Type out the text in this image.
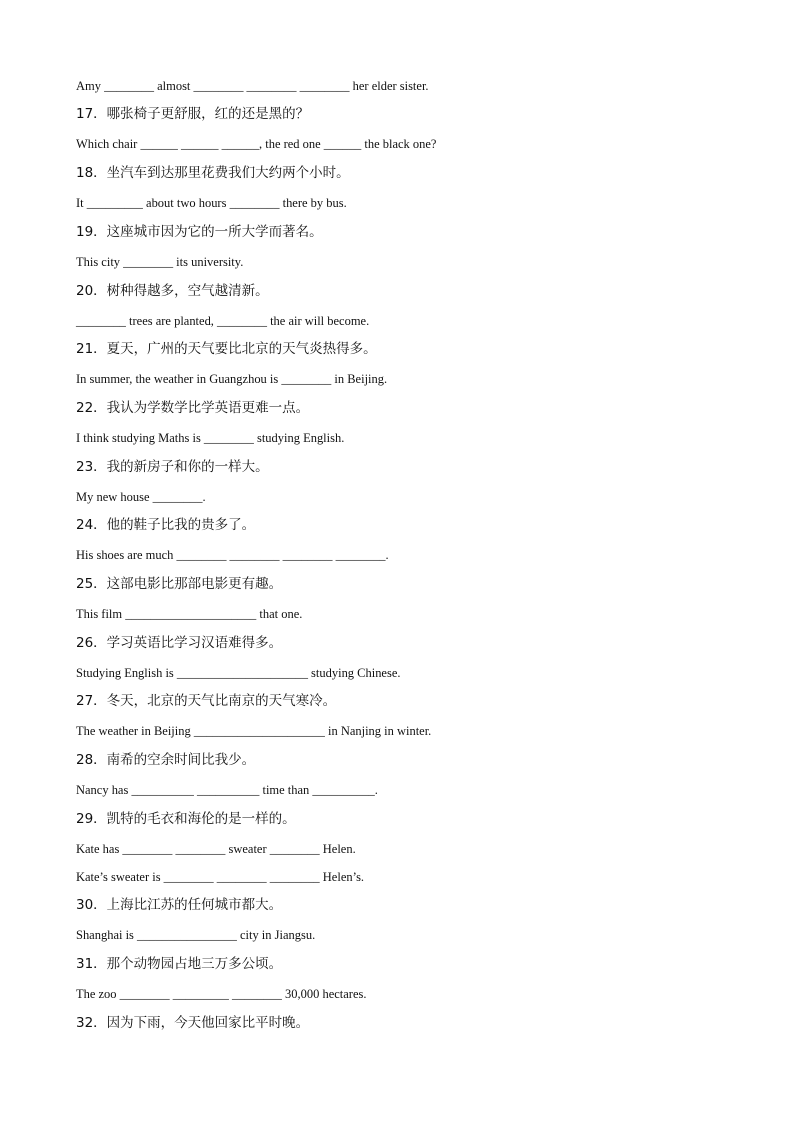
Amy ________ almost ________ ________ ________ her elder sister.
17．哪张椅子更舒服，红的还是黑的？
Which chair ______ ______ ______, the red one ______ the black one?
18．坐汽车到达那里花费我们大约两个小时。
It _________ about two hours ________ there by bus.
19．这座城市因为它的一所大学而著名。
This city ________ its university.
20．树种得越多，空气越清新。
________ trees are planted, ________ the air will become.
21．夏天，广州的天气要比北京的天气炎热得多。
In summer, the weather in Guangzhou is ________ in Beijing.
22．我认为学数学比学英语更难一点。
I think studying Maths is ________ studying English.
23．我的新房子和你的一样大。
My new house ________.
24．他的鞋子比我的贵多了。
His shoes are much ________ ________ ________ ________.
25．这部电影比那部电影更有趣。
This film _____________________ that one.
26．学习英语比学习汉语难得多。
Studying English is _____________________ studying Chinese.
27．冬天，北京的天气比南京的天气寒冷。
The weather in Beijing _____________________ in Nanjing in winter.
28．南希的空余时间比我少。
Nancy has __________ __________ time than __________.
29．凯特的毛衣和海伦的是一样的。
Kate has ________ ________ sweater ________ Helen.
Kate’s sweater is ________ ________ ________ Helen’s.
30．上海比江苏的任何城市都大。
Shanghai is ________________ city in Jiangsu.
31．那个动物园占地三万多公顷。
The zoo ________ _________ ________ 30,000 hectares.
32．因为下雨，今天他回家比平时晚。
